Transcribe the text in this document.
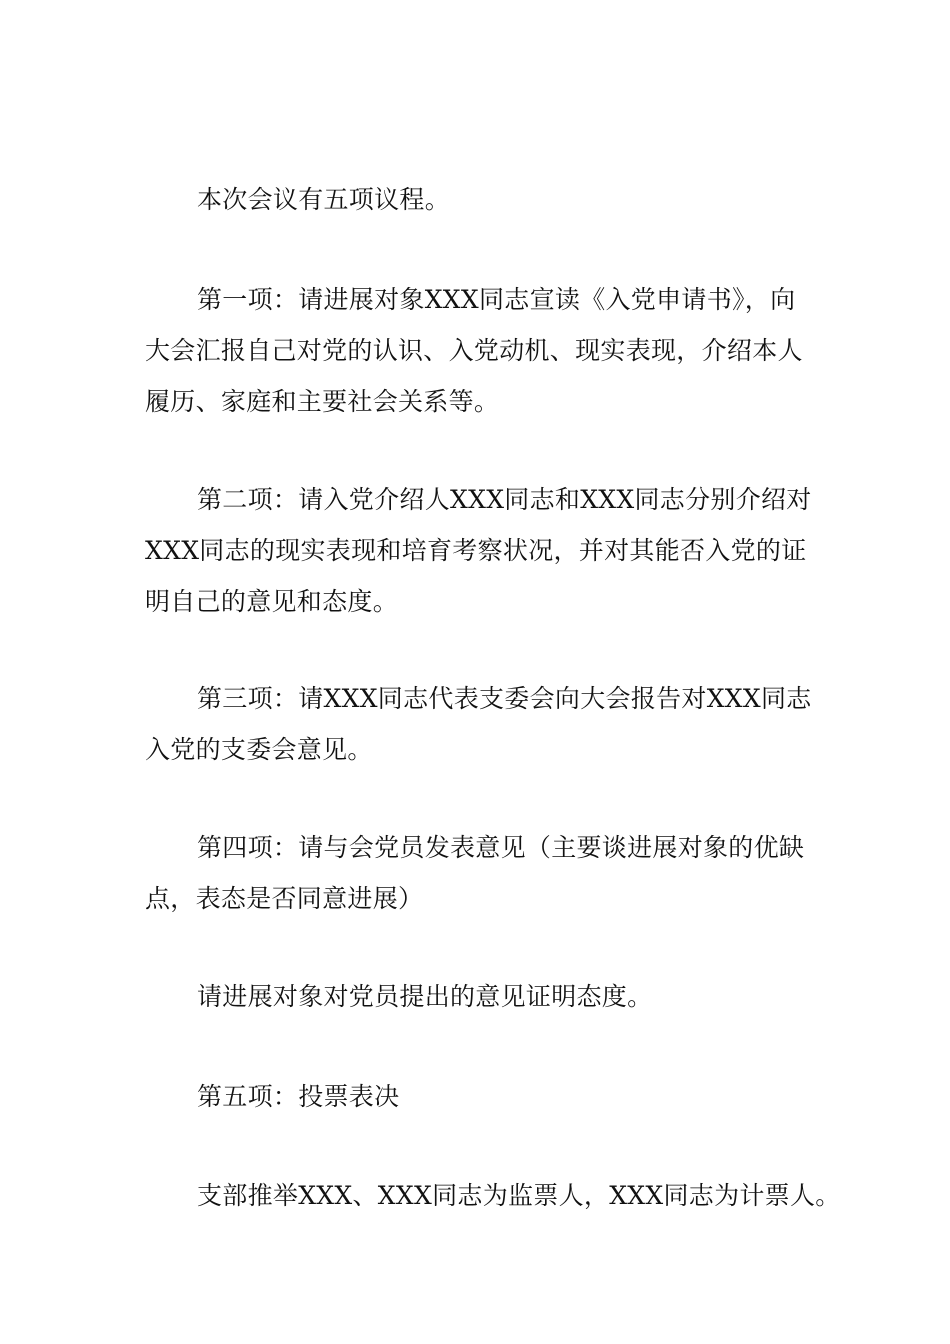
本次会议有五项议程。

第一项：请进展对象XXX同志宣读《入党申请书》，向大会汇报自己对党的认识、入党动机、现实表现，介绍本人履历、家庭和主要社会关系等。

第二项：请入党介绍人XXX同志和XXX同志分别介绍对XXX同志的现实表现和培育考察状况，并对其能否入党的证明自己的意见和态度。

第三项：请XXX同志代表支委会向大会报告对XXX同志入党的支委会意见。

第四项：请与会党员发表意见（主要谈进展对象的优缺点，表态是否同意进展）

请进展对象对党员提出的意见证明态度。

第五项：投票表决

支部推举XXX、XXX同志为监票人，XXX同志为计票人。
